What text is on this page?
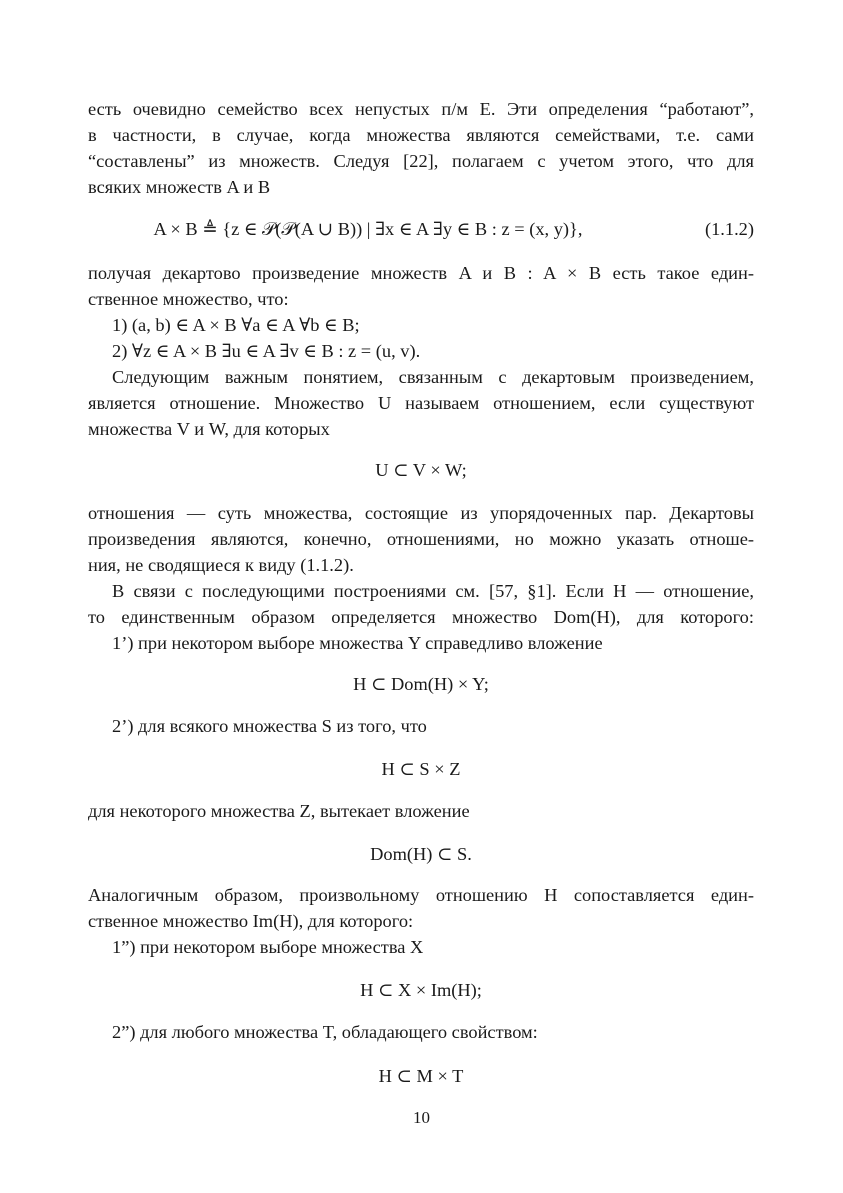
есть очевидно семейство всех непустых п/м E. Эти определения “работают”,

в частности, в случае, когда множества являются семействами, т.е. сами

“составлены” из множеств. Следуя [22], полагаем с учетом этого, что для

всяких множеств A и B

A × B ≜ {z ∈ 𝒫(𝒫(A ∪ B)) | ∃x ∈ A ∃y ∈ B : z = (x, y)},	(1.1.2)

получая декартово произведение множеств A и B : A × B есть такое един-

ственное множество, что:

1) (a, b) ∈ A × B ∀a ∈ A ∀b ∈ B;

2) ∀z ∈ A × B ∃u ∈ A ∃v ∈ B : z = (u, v).

Следующим важным понятием, связанным с декартовым произведением,

является отношение. Множество U называем отношением, если существуют

множества V и W, для которых

U ⊂ V × W;

отношения — суть множества, состоящие из упорядоченных пар. Декартовы

произведения являются, конечно, отношениями, но можно указать отноше-

ния, не сводящиеся к виду (1.1.2).

В связи с последующими построениями см. [57, §1]. Если H — отношение,

то единственным образом определяется множество Dom(H), для которого:

1’) при некотором выборе множества Y справедливо вложение

H ⊂ Dom(H) × Y;

2’) для всякого множества S из того, что

H ⊂ S × Z

для некоторого множества Z, вытекает вложение

Dom(H) ⊂ S.

Аналогичным образом, произвольному отношению H сопоставляется един-

ственное множество Im(H), для которого:

1”) при некотором выборе множества X

H ⊂ X × Im(H);

2”) для любого множества T, обладающего свойством:

H ⊂ M × T
10
